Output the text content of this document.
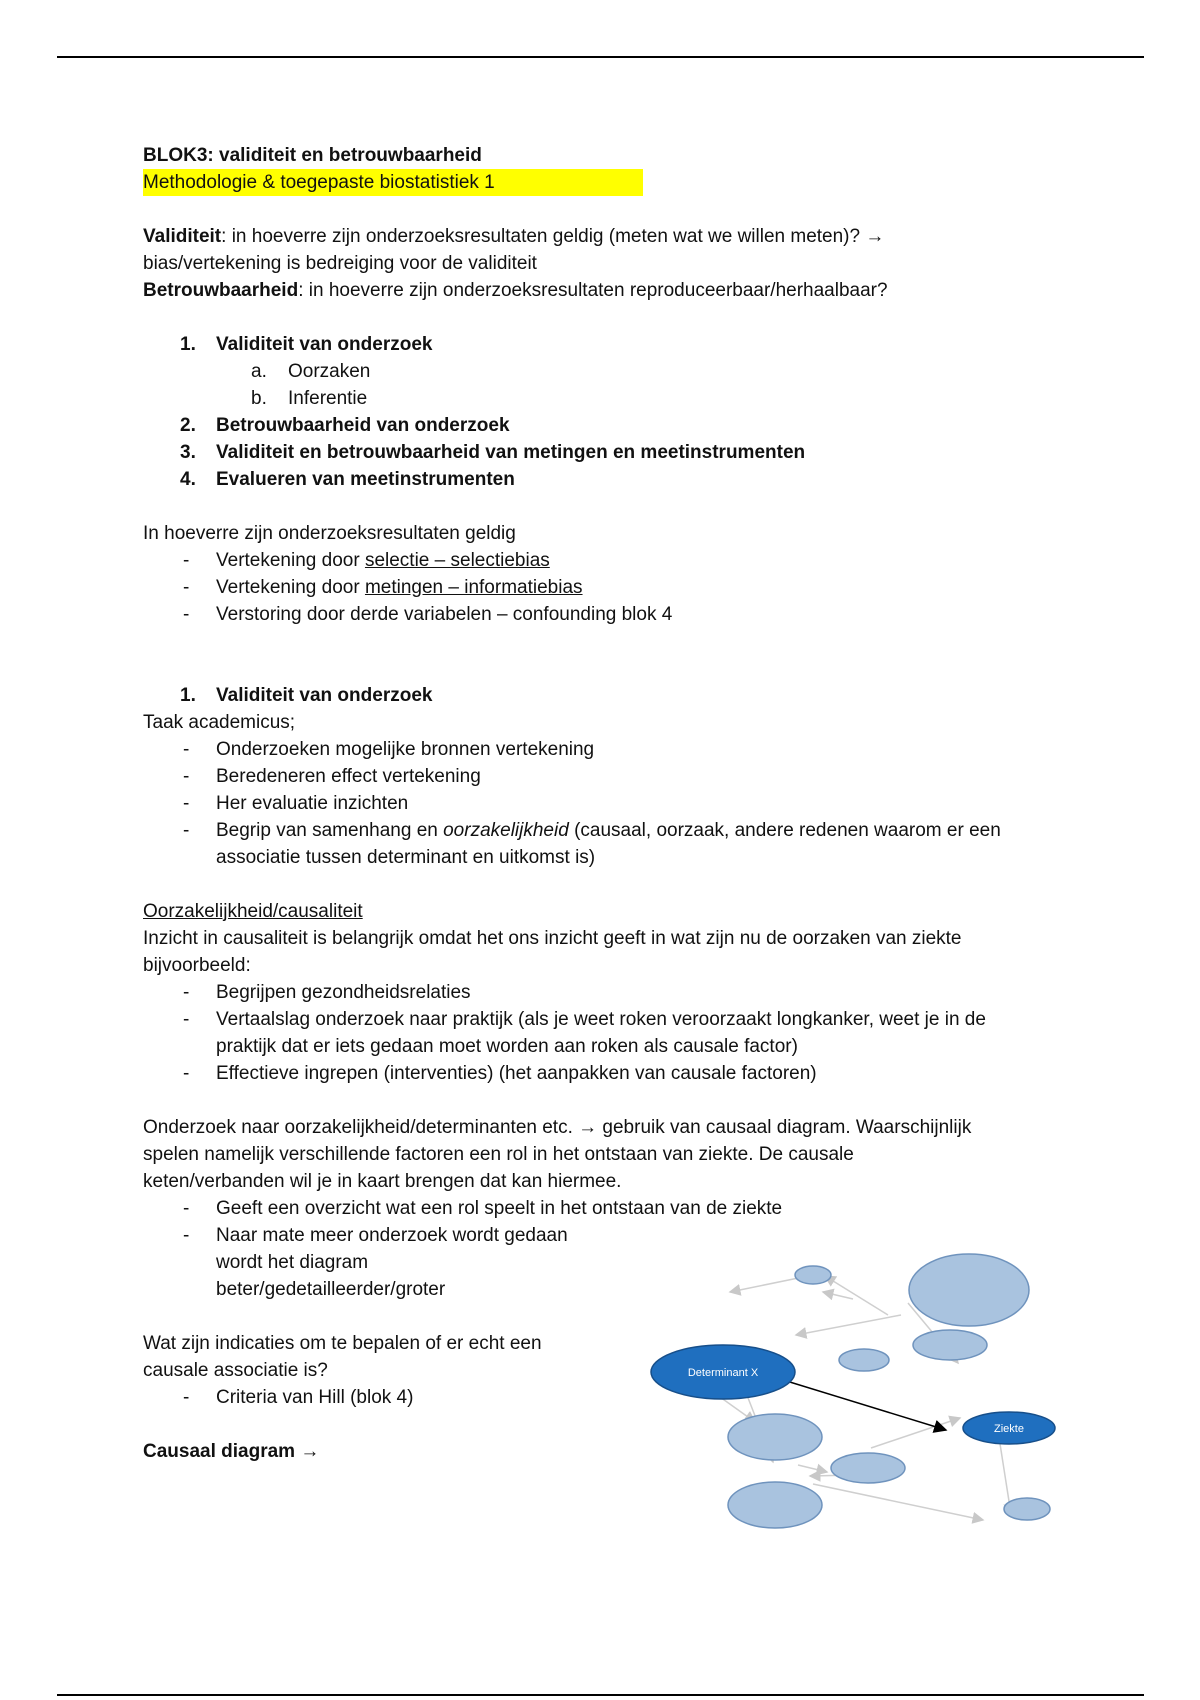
BLOK3: validiteit en betrouwbaarheid
Methodologie & toegepaste biostatistiek 1
Validiteit: in hoeverre zijn onderzoeksresultaten geldig (meten wat we willen meten)? →
bias/vertekening is bedreiging voor de validiteit
Betrouwbaarheid: in hoeverre zijn onderzoeksresultaten reproduceerbaar/herhaalbaar?
1. Validiteit van onderzoek
a. Oorzaken
b. Inferentie
2. Betrouwbaarheid van onderzoek
3. Validiteit en betrouwbaarheid van metingen en meetinstrumenten
4. Evalueren van meetinstrumenten
In hoeverre zijn onderzoeksresultaten geldig
- Vertekening door selectie – selectiebias
- Vertekening door metingen – informatiebias
- Verstoring door derde variabelen – confounding blok 4
1. Validiteit van onderzoek
Taak academicus;
- Onderzoeken mogelijke bronnen vertekening
- Beredeneren effect vertekening
- Her evaluatie inzichten
- Begrip van samenhang en oorzakelijkheid (causaal, oorzaak, andere redenen waarom er een
associatie tussen determinant en uitkomst is)
Oorzakelijkheid/causaliteit
Inzicht in causaliteit is belangrijk omdat het ons inzicht geeft in wat zijn nu de oorzaken van ziekte
bijvoorbeeld:
- Begrijpen gezondheidsrelaties
- Vertaalslag onderzoek naar praktijk (als je weet roken veroorzaakt longkanker, weet je in de
praktijk dat er iets gedaan moet worden aan roken als causale factor)
- Effectieve ingrepen (interventies) (het aanpakken van causale factoren)
Onderzoek naar oorzakelijkheid/determinanten etc. → gebruik van causaal diagram. Waarschijnlijk
spelen namelijk verschillende factoren een rol in het ontstaan van ziekte. De causale
keten/verbanden wil je in kaart brengen dat kan hiermee.
- Geeft een overzicht wat een rol speelt in het ontstaan van de ziekte
- Naar mate meer onderzoek wordt gedaan
wordt het diagram
beter/gedetailleerder/groter
Wat zijn indicaties om te bepalen of er echt een
causale associatie is?
- Criteria van Hill (blok 4)
Causaal diagram →
Determinant X
Ziekte
